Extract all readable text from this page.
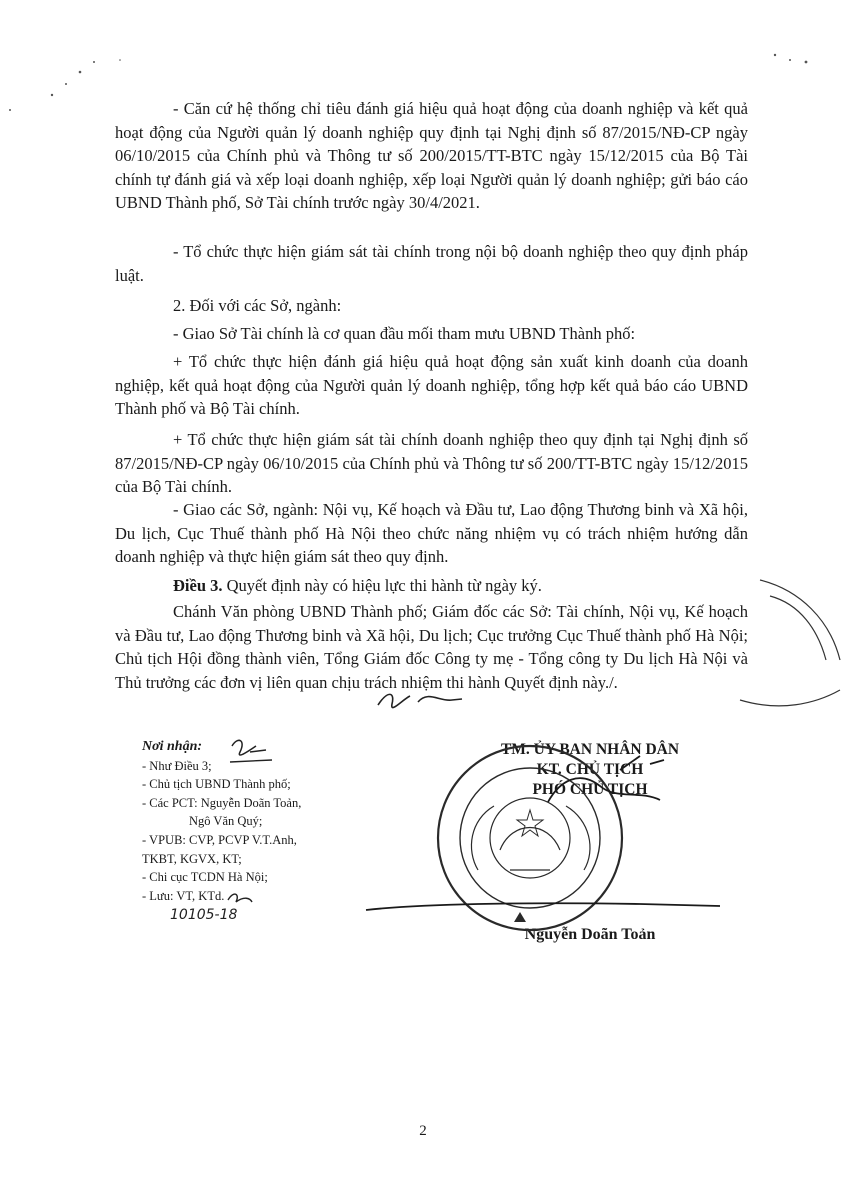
- Căn cứ hệ thống chỉ tiêu đánh giá hiệu quả hoạt động của doanh nghiệp và kết quả hoạt động của Người quản lý doanh nghiệp quy định tại Nghị định số 87/2015/NĐ-CP ngày 06/10/2015 của Chính phủ và Thông tư số 200/2015/TT-BTC ngày 15/12/2015 của Bộ Tài chính tự đánh giá và xếp loại doanh nghiệp, xếp loại Người quản lý doanh nghiệp; gửi báo cáo UBND Thành phố, Sở Tài chính trước ngày 30/4/2021.

- Tổ chức thực hiện giám sát tài chính trong nội bộ doanh nghiệp theo quy định pháp luật.

2. Đối với các Sở, ngành:

- Giao Sở Tài chính là cơ quan đầu mối tham mưu UBND Thành phố:

+ Tổ chức thực hiện đánh giá hiệu quả hoạt động sản xuất kinh doanh của doanh nghiệp, kết quả hoạt động của Người quản lý doanh nghiệp, tổng hợp kết quả báo cáo UBND Thành phố và Bộ Tài chính.

+ Tổ chức thực hiện giám sát tài chính doanh nghiệp theo quy định tại Nghị định số 87/2015/NĐ-CP ngày 06/10/2015 của Chính phủ và Thông tư số 200/TT-BTC ngày 15/12/2015 của Bộ Tài chính.

- Giao các Sở, ngành: Nội vụ, Kế hoạch và Đầu tư, Lao động Thương binh và Xã hội, Du lịch, Cục Thuế thành phố Hà Nội theo chức năng nhiệm vụ có trách nhiệm hướng dẫn doanh nghiệp và thực hiện giám sát theo quy định.

Điều 3. Quyết định này có hiệu lực thi hành từ ngày ký.

Chánh Văn phòng UBND Thành phố; Giám đốc các Sở: Tài chính, Nội vụ, Kế hoạch và Đầu tư, Lao động Thương binh và Xã hội, Du lịch; Cục trưởng Cục Thuế thành phố Hà Nội; Chủ tịch Hội đồng thành viên, Tổng Giám đốc Công ty mẹ - Tổng công ty Du lịch Hà Nội và Thủ trưởng các đơn vị liên quan chịu trách nhiệm thi hành Quyết định này./.

Nơi nhận:
- Như Điều 3;
- Chủ tịch UBND Thành phố;
- Các PCT: Nguyễn Doãn Toản,
Ngô Văn Quý;
- VPUB: CVP, PCVP V.T.Anh,
TKBT, KGVX, KT;
- Chi cục TCDN Hà Nội;
- Lưu: VT, KTd.
10105-18
TM. ỦY BAN NHÂN DÂN
KT. CHỦ TỊCH
PHÓ CHỦ TỊCH
Nguyễn Doãn Toản
2
